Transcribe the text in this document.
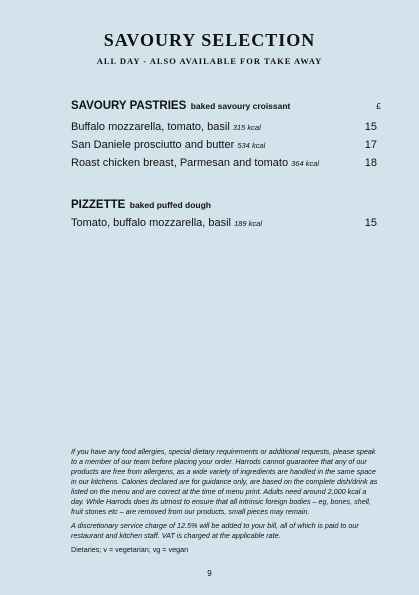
SAVOURY SELECTION
ALL DAY - ALSO AVAILABLE FOR TAKE AWAY
SAVOURY PASTRIES baked savoury croissant	£
Buffalo mozzarella, tomato, basil 315 kcal	15
San Daniele prosciutto and butter 534 kcal	17
Roast chicken breast, Parmesan and tomato 364 kcal	18
PIZZETTE baked puffed dough
Tomato, buffalo mozzarella, basil 189 kcal	15

If you have any food allergies, special dietary requirements or additional requests, please speak to a member of our team before placing your order. Harrods cannot guarantee that any of our products are free from allergens, as a wide variety of ingredients are handled in the same space in our kitchens. Calories declared are for guidance only, are based on the complete dish/drink as listed on the menu and are correct at the time of menu print. Adults need around 2,000 kcal a day. While Harrods does its utmost to ensure that all intrinsic foreign bodies – eg, bones, shell, fruit stones etc – are removed from our products, small pieces may remain.

A discretionary service charge of 12.5% will be added to your bill, all of which is paid to our restaurant and kitchen staff. VAT is charged at the applicable rate.

Dietaries; v = vegetarian; vg = vegan

9
